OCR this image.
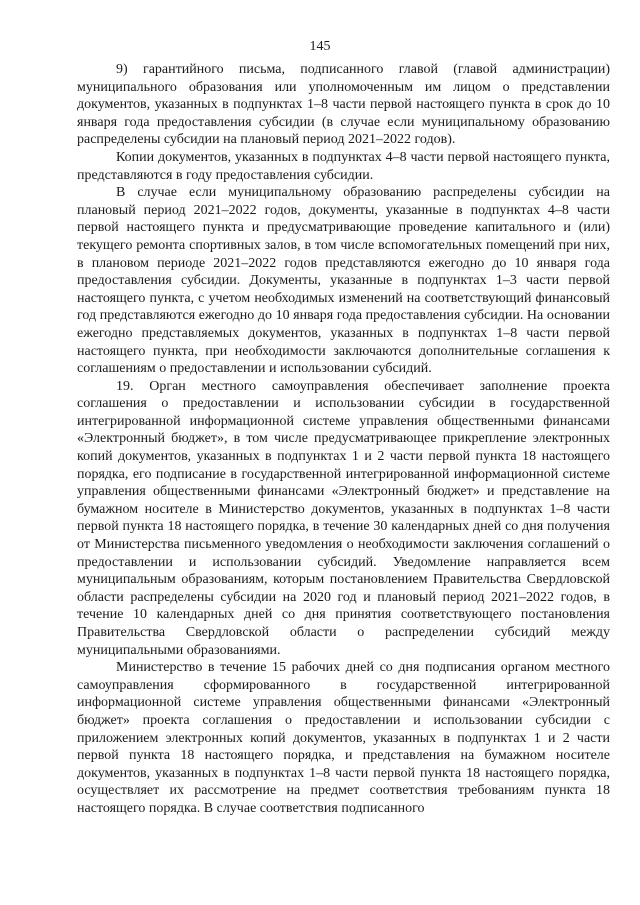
145

9) гарантийного письма, подписанного главой (главой администрации) муниципального образования или уполномоченным им лицом о представлении документов, указанных в подпунктах 1–8 части первой настоящего пункта в срок до 10 января года предоставления субсидии (в случае если муниципальному образованию распределены субсидии на плановый период 2021–2022 годов).

Копии документов, указанных в подпунктах 4–8 части первой настоящего пункта, представляются в году предоставления субсидии.

В случае если муниципальному образованию распределены субсидии на плановый период 2021–2022 годов, документы, указанные в подпунктах 4–8 части первой настоящего пункта и предусматривающие проведение капитального и (или) текущего ремонта спортивных залов, в том числе вспомогательных помещений при них, в плановом периоде 2021–2022 годов представляются ежегодно до 10 января года предоставления субсидии. Документы, указанные в подпунктах 1–3 части первой настоящего пункта, с учетом необходимых изменений на соответствующий финансовый год представляются ежегодно до 10 января года предоставления субсидии. На основании ежегодно представляемых документов, указанных в подпунктах 1–8 части первой настоящего пункта, при необходимости заключаются дополнительные соглашения к соглашениям о предоставлении и использовании субсидий.

19. Орган местного самоуправления обеспечивает заполнение проекта соглашения о предоставлении и использовании субсидии в государственной интегрированной информационной системе управления общественными финансами «Электронный бюджет», в том числе предусматривающее прикрепление электронных копий документов, указанных в подпунктах 1 и 2 части первой пункта 18 настоящего порядка, его подписание в государственной интегрированной информационной системе управления общественными финансами «Электронный бюджет» и представление на бумажном носителе в Министерство документов, указанных в подпунктах 1–8 части первой пункта 18 настоящего порядка, в течение 30 календарных дней со дня получения от Министерства письменного уведомления о необходимости заключения соглашений о предоставлении и использовании субсидий. Уведомление направляется всем муниципальным образованиям, которым постановлением Правительства Свердловской области распределены субсидии на 2020 год и плановый период 2021–2022 годов, в течение 10 календарных дней со дня принятия соответствующего постановления Правительства Свердловской области о распределении субсидий между муниципальными образованиями.

Министерство в течение 15 рабочих дней со дня подписания органом местного самоуправления сформированного в государственной интегрированной информационной системе управления общественными финансами «Электронный бюджет» проекта соглашения о предоставлении и использовании субсидии с приложением электронных копий документов, указанных в подпунктах 1 и 2 части первой пункта 18 настоящего порядка, и представления на бумажном носителе документов, указанных в подпунктах 1–8 части первой пункта 18 настоящего порядка, осуществляет их рассмотрение на предмет соответствия требованиям пункта 18 настоящего порядка. В случае соответствия подписанного
